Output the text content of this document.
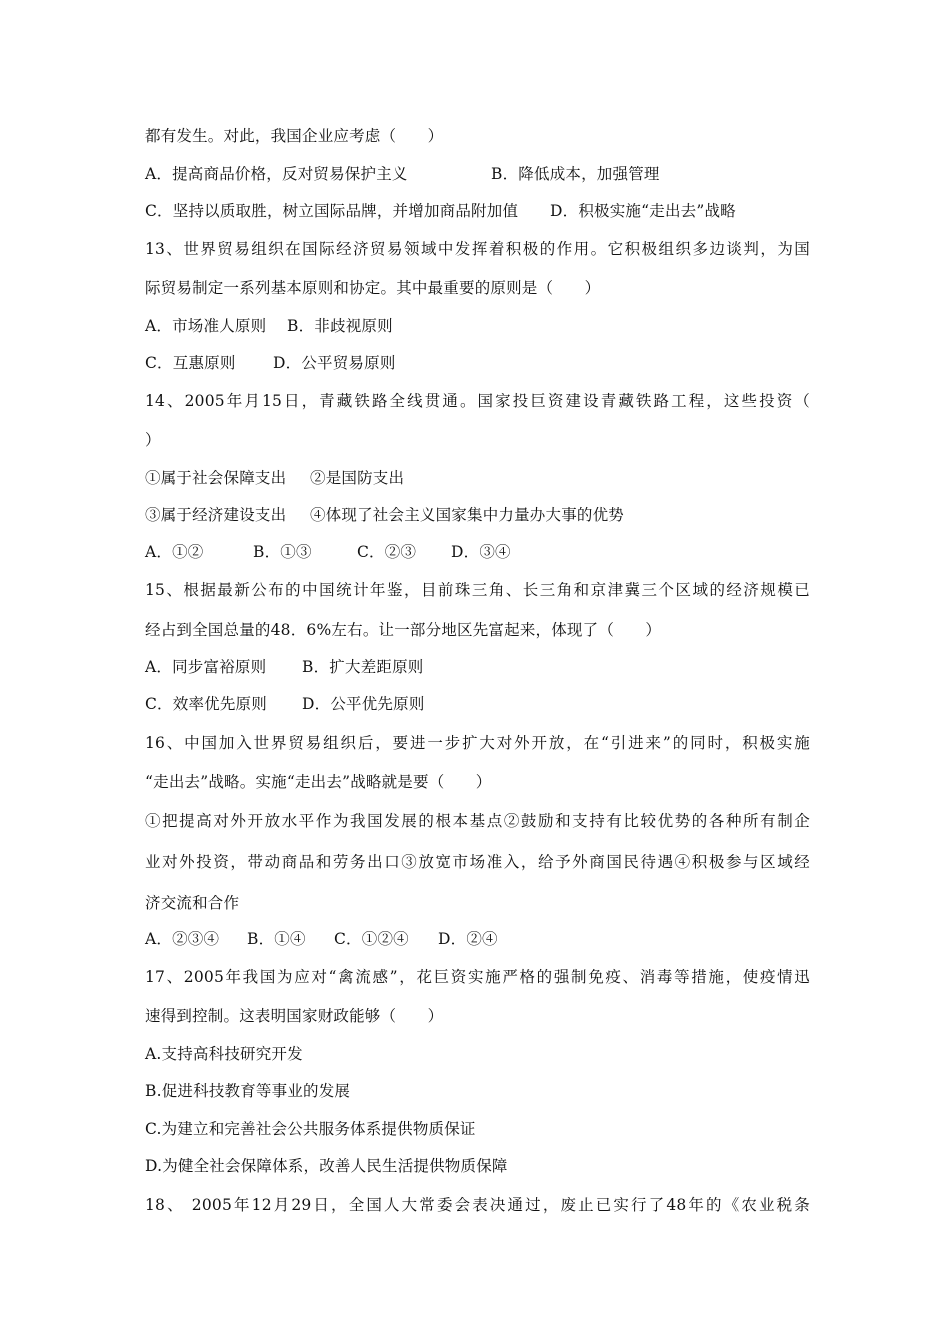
都有发生。对此，我国企业应考虑（　　）
A．提高商品价格，反对贸易保护主义	B．降低成本，加强管理
C．坚持以质取胜，树立国际品牌，并增加商品附加值 D．积极实施“走出去”战略
13、世界贸易组织在国际经济贸易领域中发挥着积极的作用。它积极组织多边谈判，为国
际贸易制定一系列基本原则和协定。其中最重要的原则是（　　）
A．市场准人原则 B．非歧视原则
C．互惠原则 D．公平贸易原则
14、2005年月15日，青藏铁路全线贯通。国家投巨资建设青藏铁路工程，这些投资（
）
①属于社会保障支出 ②是国防支出
③属于经济建设支出 ④体现了社会主义国家集中力量办大事的优势
A．①②	B．①③	C．②③ D．③④
15、根据最新公布的中国统计年鉴，目前珠三角、长三角和京津冀三个区域的经济规模已
经占到全国总量的48．6%左右。让一部分地区先富起来，体现了（　　）
A．同步富裕原则 B．扩大差距原则
C．效率优先原则 D．公平优先原则
16、中国加入世界贸易组织后，要进一步扩大对外开放，在“引进来”的同时，积极实施
“走出去”战略。实施“走出去”战略就是要（　　）
①把提高对外开放水平作为我国发展的根本基点②鼓励和支持有比较优势的各种所有制企
业对外投资，带动商品和劳务出口③放宽市场准入，给予外商国民待遇④积极参与区域经
济交流和合作
A．②③④ B．①④ C．①②④ D．②④
17、2005年我国为应对“禽流感”，花巨资实施严格的强制免疫、消毒等措施，使疫情迅
速得到控制。这表明国家财政能够（　　）
A.支持高科技研究开发
B.促进科技教育等事业的发展
C.为建立和完善社会公共服务体系提供物质保证
D.为健全社会保障体系，改善人民生活提供物质保障
18、 2005年12月29日，全国人大常委会表决通过，废止已实行了48年的《农业税条
